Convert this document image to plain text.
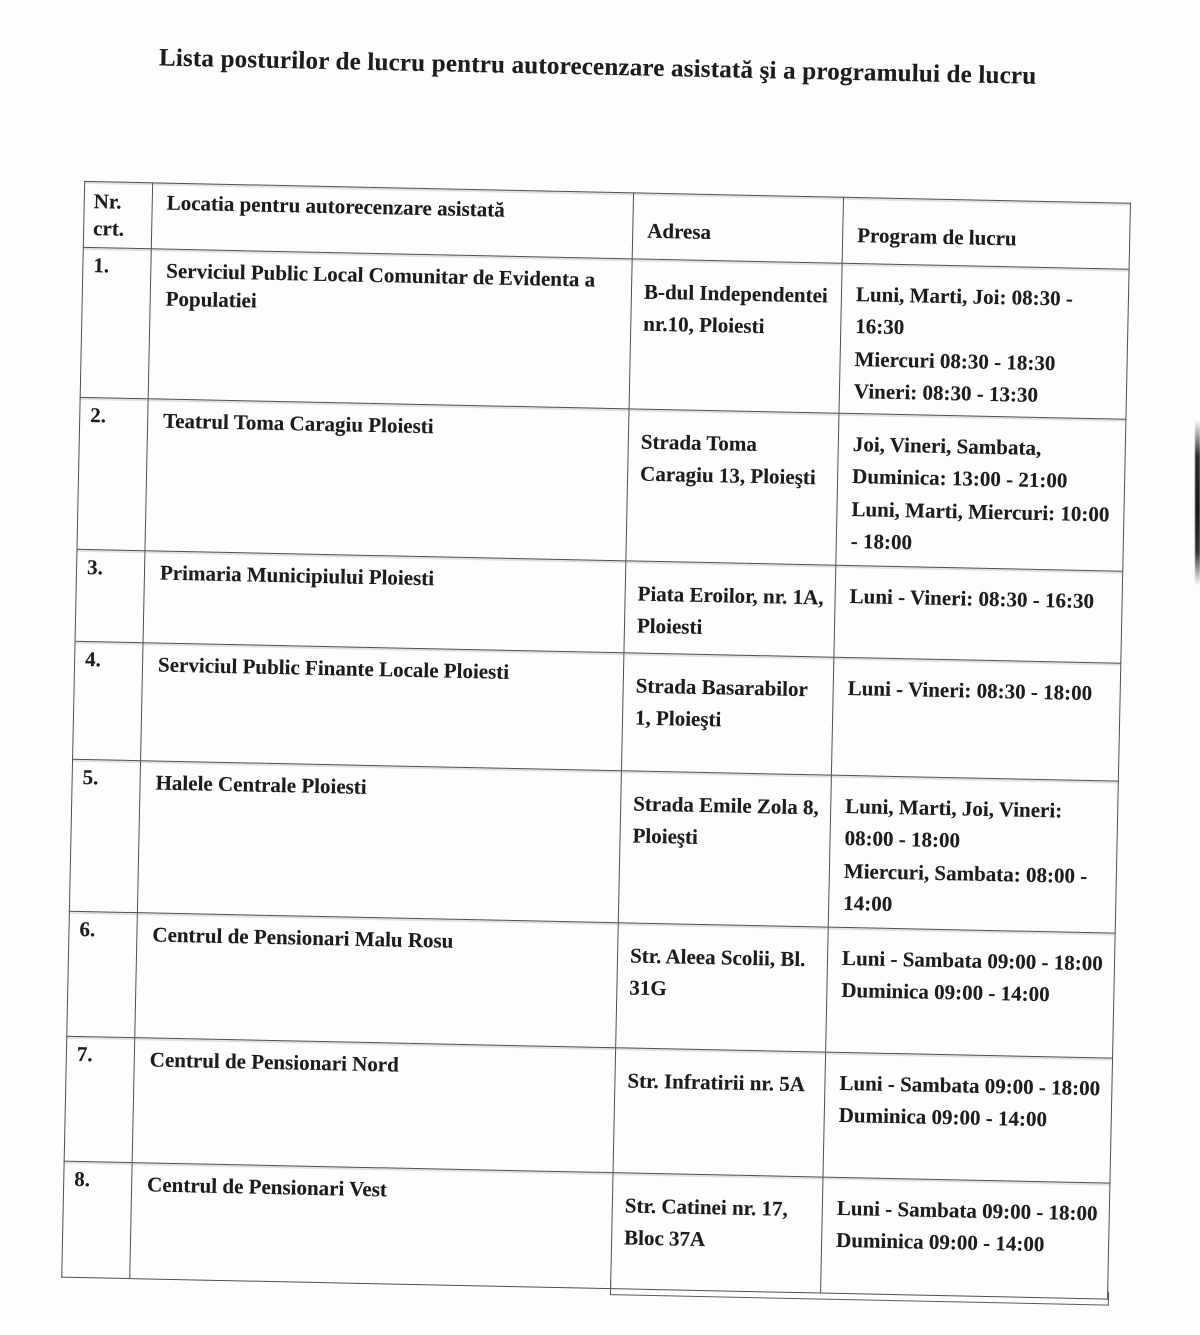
Lista posturilor de lucru pentru autorecenzare asistată şi a programului de lucru
Nr. crt.	Locatia pentru autorecenzare asistată	Adresa	Program de lucru
1.	Serviciul Public Local Comunitar de Evidenta a Populatiei	B-dul Independentei nr.10, Ploiesti	Luni, Marti, Joi: 08:30 - 16:30
Miercuri 08:30 - 18:30
Vineri: 08:30 - 13:30

2.	Teatrul Toma Caragiu Ploiesti	Strada Toma Caragiu 13, Ploieşti	Joi, Vineri, Sambata, Duminica: 13:00 - 21:00
Luni, Marti, Miercuri: 10:00 - 18:00

3.	Primaria Municipiului Ploiesti	Piata Eroilor, nr. 1A, Ploiesti	Luni - Vineri: 08:30 - 16:30

4.	Serviciul Public Finante Locale Ploiesti	Strada Basarabilor 1, Ploieşti	Luni - Vineri: 08:30 - 18:00

5.	Halele Centrale Ploiesti	Strada Emile Zola 8, Ploieşti	Luni, Marti, Joi, Vineri: 08:00 - 18:00
Miercuri, Sambata: 08:00 - 14:00

6.	Centrul de Pensionari Malu Rosu	Str. Aleea Scolii, Bl. 31G	Luni - Sambata 09:00 - 18:00
Duminica 09:00 - 14:00

7.	Centrul de Pensionari Nord	Str. Infratirii nr. 5A	Luni - Sambata 09:00 - 18:00
Duminica 09:00 - 14:00

8.	Centrul de Pensionari Vest	Str. Catinei nr. 17, Bloc 37A	Luni - Sambata 09:00 - 18:00
Duminica 09:00 - 14:00
